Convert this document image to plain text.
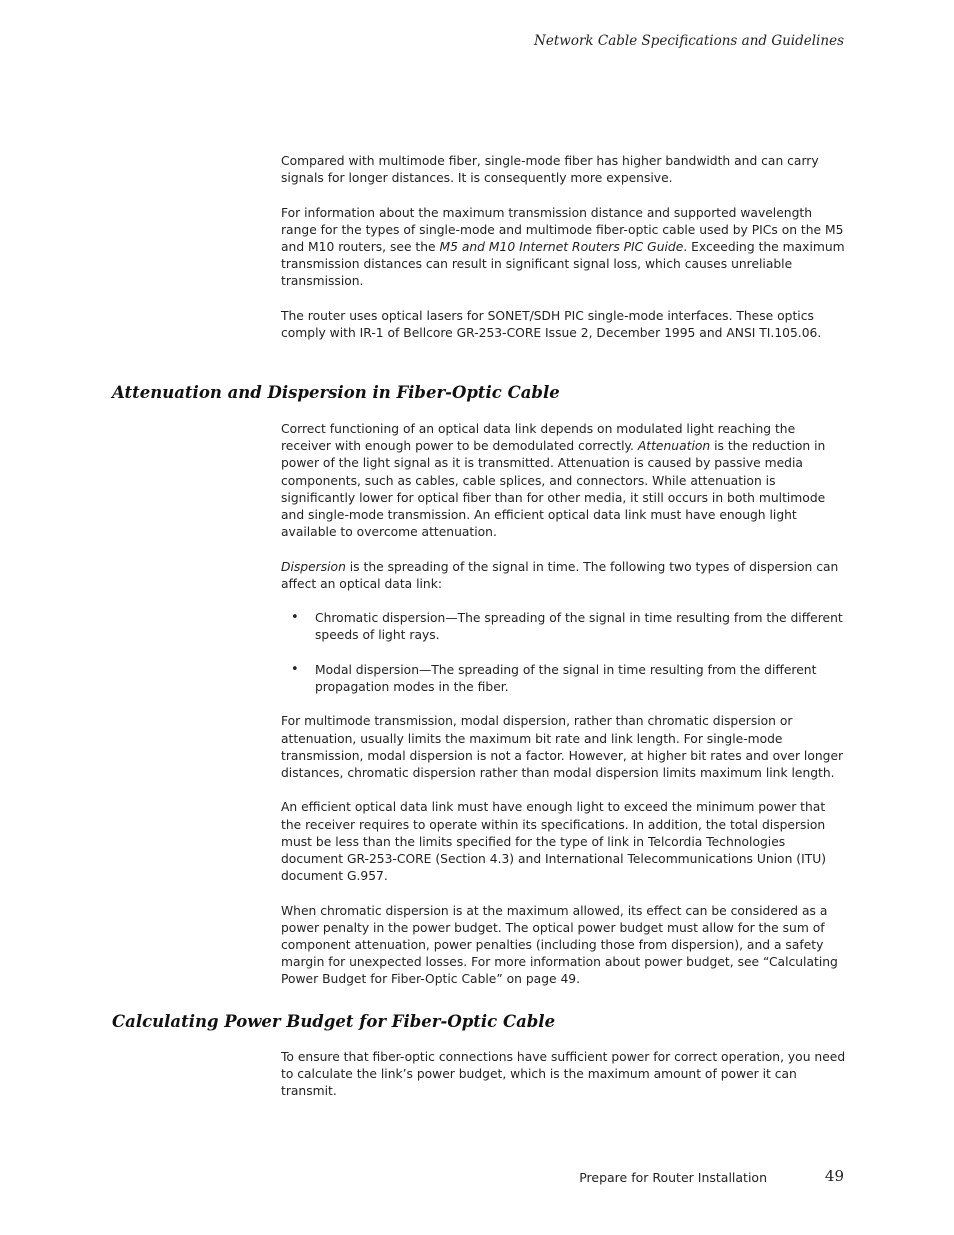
Network Cable Specifications and Guidelines

Compared with multimode fiber, single-mode fiber has higher bandwidth and can carry signals for longer distances. It is consequently more expensive.

For information about the maximum transmission distance and supported wavelength range for the types of single-mode and multimode fiber-optic cable used by PICs on the M5 and M10 routers, see the M5 and M10 Internet Routers PIC Guide. Exceeding the maximum transmission distances can result in significant signal loss, which causes unreliable transmission.

The router uses optical lasers for SONET/SDH PIC single-mode interfaces. These optics comply with IR-1 of Bellcore GR-253-CORE Issue 2, December 1995 and ANSI TI.105.06.

Attenuation and Dispersion in Fiber-Optic Cable

Correct functioning of an optical data link depends on modulated light reaching the receiver with enough power to be demodulated correctly. Attenuation is the reduction in power of the light signal as it is transmitted. Attenuation is caused by passive media components, such as cables, cable splices, and connectors. While attenuation is significantly lower for optical fiber than for other media, it still occurs in both multimode and single-mode transmission. An efficient optical data link must have enough light available to overcome attenuation.

Dispersion is the spreading of the signal in time. The following two types of dispersion can affect an optical data link:

• Chromatic dispersion—The spreading of the signal in time resulting from the different speeds of light rays.
• Modal dispersion—The spreading of the signal in time resulting from the different propagation modes in the fiber.

For multimode transmission, modal dispersion, rather than chromatic dispersion or attenuation, usually limits the maximum bit rate and link length. For single-mode transmission, modal dispersion is not a factor. However, at higher bit rates and over longer distances, chromatic dispersion rather than modal dispersion limits maximum link length.

An efficient optical data link must have enough light to exceed the minimum power that the receiver requires to operate within its specifications. In addition, the total dispersion must be less than the limits specified for the type of link in Telcordia Technologies document GR-253-CORE (Section 4.3) and International Telecommunications Union (ITU) document G.957.

When chromatic dispersion is at the maximum allowed, its effect can be considered as a power penalty in the power budget. The optical power budget must allow for the sum of component attenuation, power penalties (including those from dispersion), and a safety margin for unexpected losses. For more information about power budget, see “Calculating Power Budget for Fiber-Optic Cable” on page 49.

Calculating Power Budget for Fiber-Optic Cable

To ensure that fiber-optic connections have sufficient power for correct operation, you need to calculate the link’s power budget, which is the maximum amount of power it can transmit.

Prepare for Router Installation	49
